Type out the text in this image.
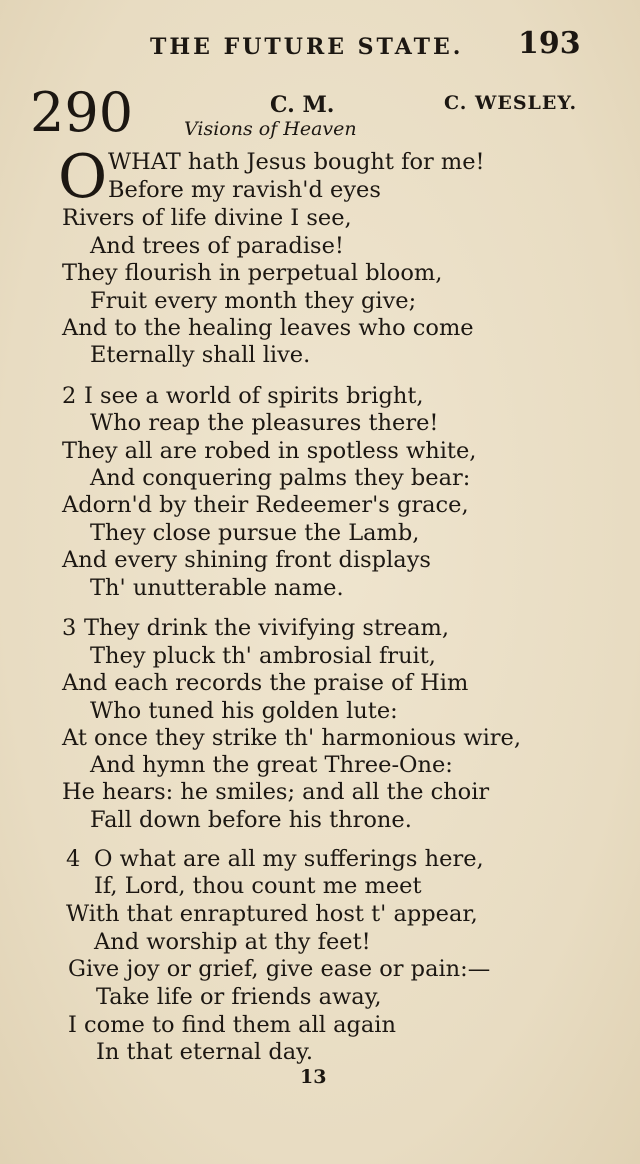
THE FUTURE STATE. 193
290	C. M.	C. WESLEY.
Visions of Heaven
O WHAT hath Jesus bought for me!
Before my ravish'd eyes
Rivers of life divine I see,
And trees of paradise!
They flourish in perpetual bloom,
Fruit every month they give;
And to the healing leaves who come
Eternally shall live.
2 I see a world of spirits bright,
Who reap the pleasures there!
They all are robed in spotless white,
And conquering palms they bear:
Adorn'd by their Redeemer's grace,
They close pursue the Lamb,
And every shining front displays
Th' unutterable name.
3 They drink the vivifying stream,
They pluck th' ambrosial fruit,
And each records the praise of Him
Who tuned his golden lute:
At once they strike th' harmonious wire,
And hymn the great Three-One:
He hears: he smiles; and all the choir
Fall down before his throne.
4 O what are all my sufferings here,
If, Lord, thou count me meet
With that enraptured host t' appear,
And worship at thy feet!
Give joy or grief, give ease or pain:—
Take life or friends away,
I come to find them all again
In that eternal day.
13
